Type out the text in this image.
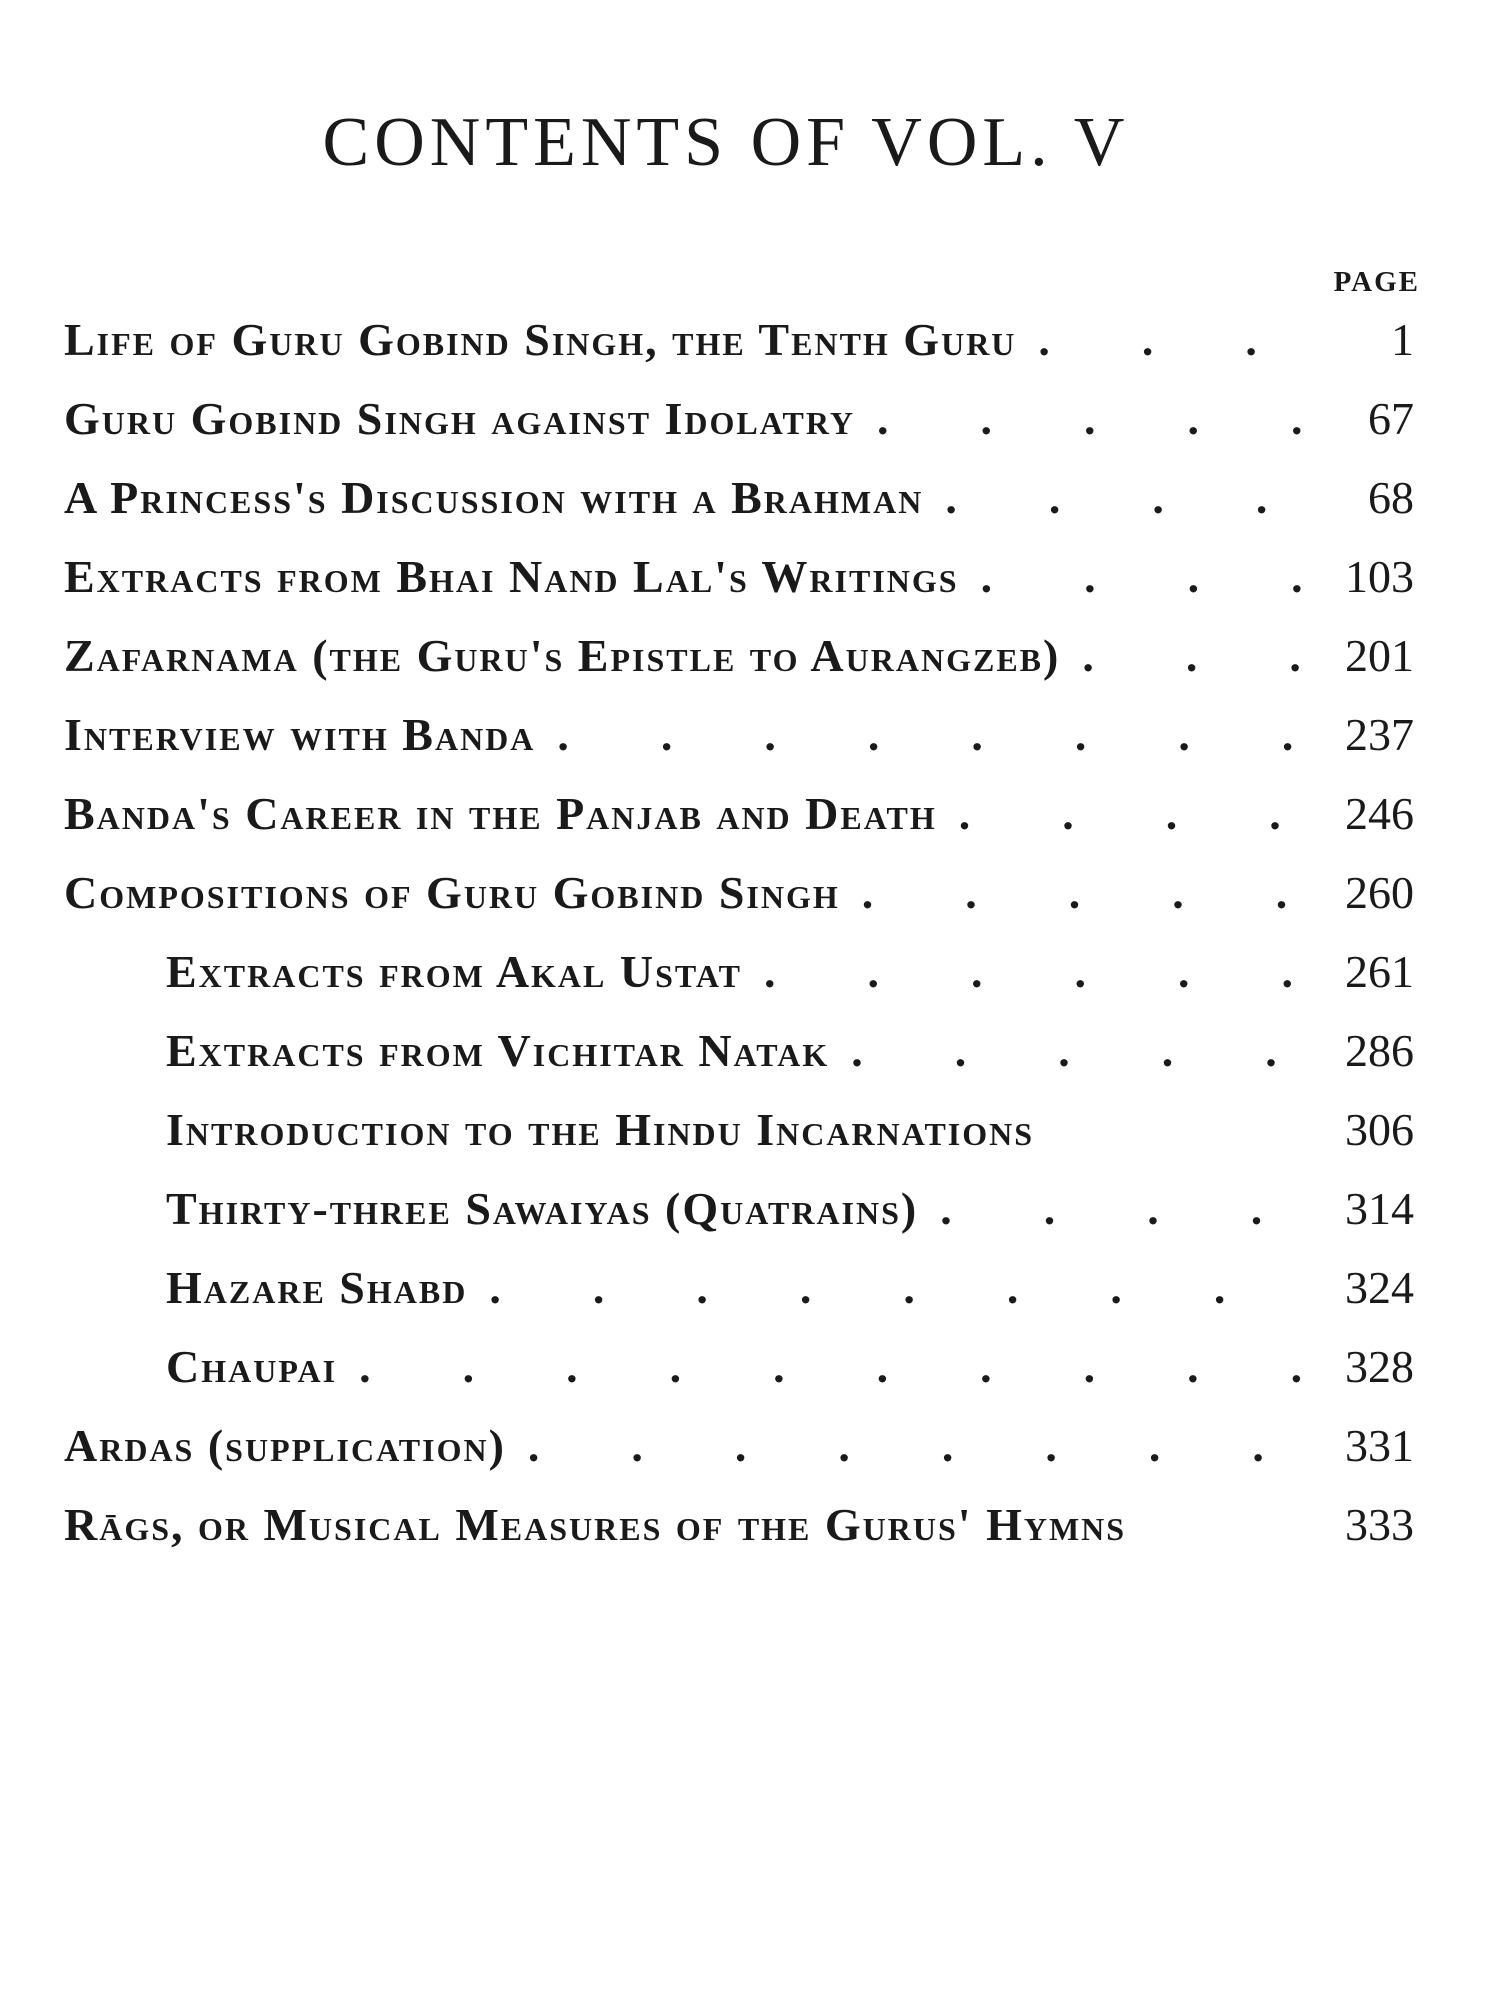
CONTENTS OF VOL. V
PAGE
Life of Guru Gobind Singh, the Tenth Guru .	1
Guru Gobind Singh against Idolatry .	67
A Princess's Discussion with a Brahman .	68
Extracts from Bhai Nand Lal's Writings .	103
Zafarnama (the Guru's Epistle to Aurangzeb) .	201
Interview with Banda .	237
Banda's Career in the Panjab and Death .	246
Compositions of Guru Gobind Singh .	260
Extracts from Akal Ustat .	261
Extracts from Vichitar Natak .	286
Introduction to the Hindu Incarnations	306
Thirty-three Sawaiyas (Quatrains) .	314
Hazare Shabd .	324
Chaupai .	328
Ardas (supplication) .	331
Rāgs, or Musical Measures of the Gurus' Hymns	333
